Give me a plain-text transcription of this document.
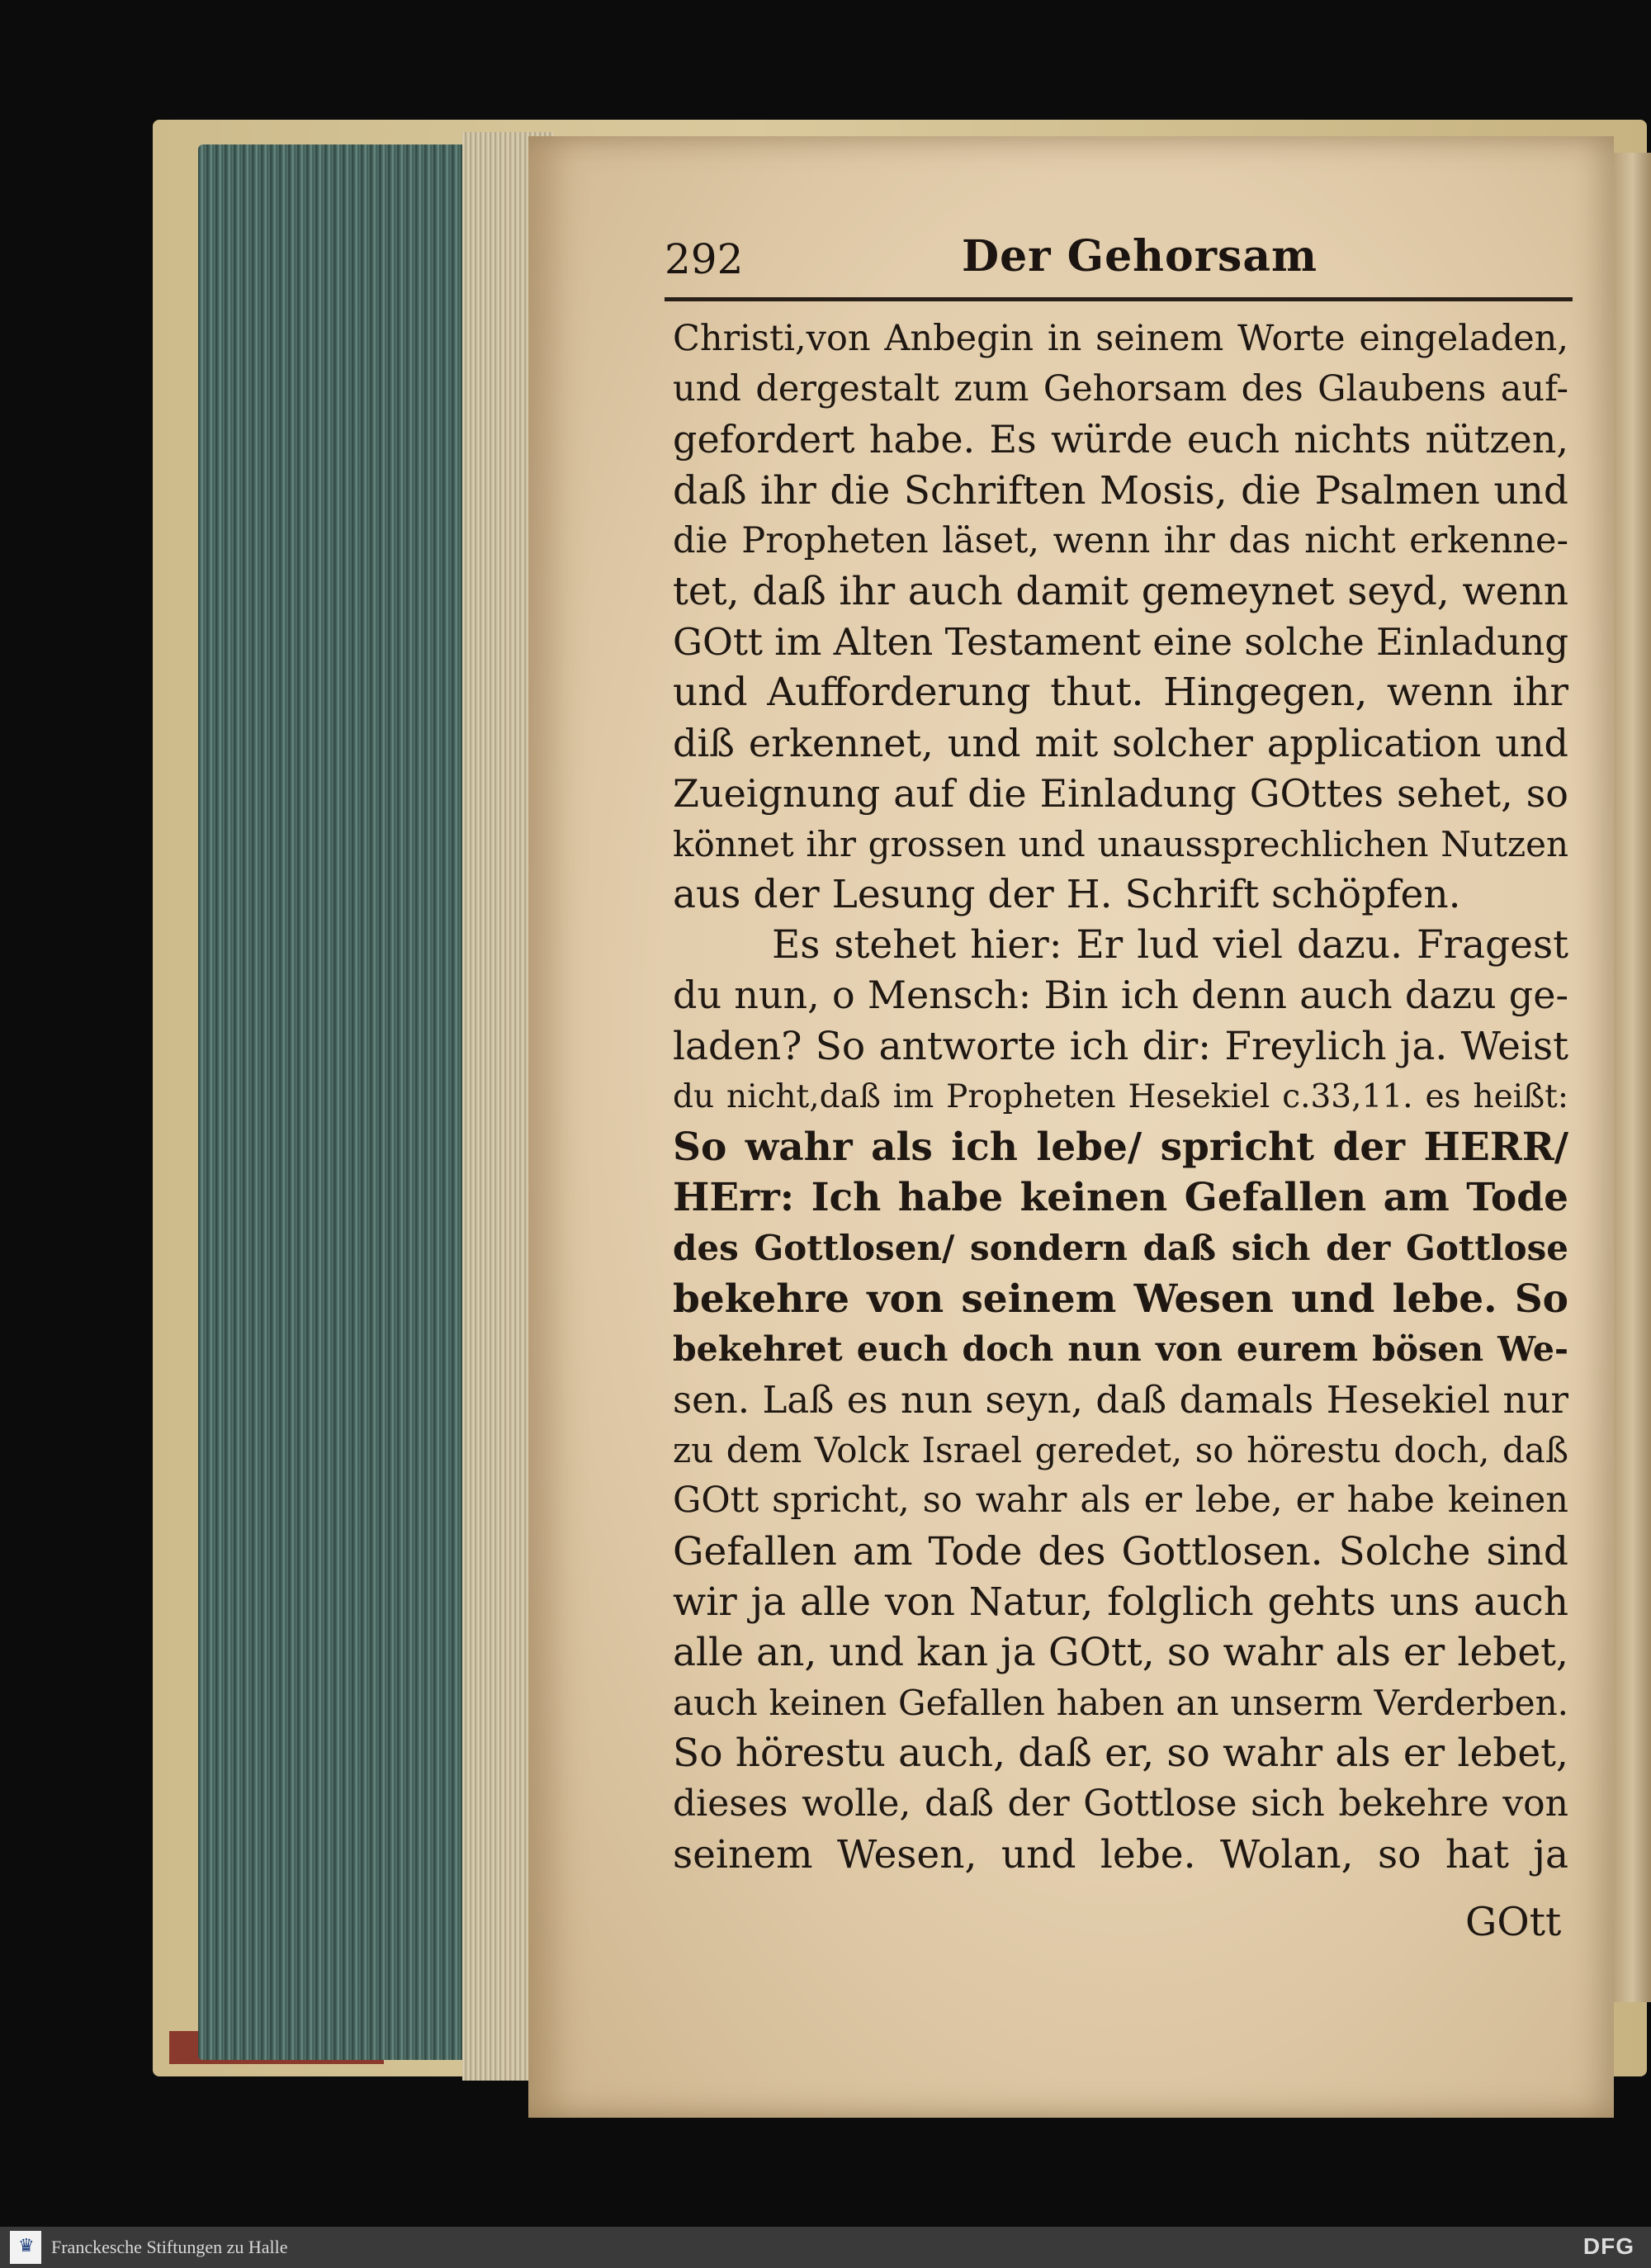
292	Der Gehorsam
Christi,von Anbegin in seinem Worte eingeladen,
und dergestalt zum Gehorsam des Glaubens auf-
gefordert habe. Es würde euch nichts nützen,
daß ihr die Schriften Mosis, die Psalmen und
die Propheten läset, wenn ihr das nicht erkenne-
tet, daß ihr auch damit gemeynet seyd, wenn
GOtt im Alten Testament eine solche Einladung
und Aufforderung thut. Hingegen, wenn ihr
diß erkennet, und mit solcher application und
Zueignung auf die Einladung GOttes sehet, so
könnet ihr grossen und unaussprechlichen Nutzen
aus der Lesung der H. Schrift schöpfen.
Es stehet hier: Er lud viel dazu. Fragest
du nun, o Mensch: Bin ich denn auch dazu ge-
laden? So antworte ich dir: Freylich ja. Weist
du nicht,daß im Propheten Hesekiel c.33,11. es heißt:
So wahr als ich lebe/ spricht der HERR/
HErr: Ich habe keinen Gefallen am Tode
des Gottlosen/ sondern daß sich der Gottlose
bekehre von seinem Wesen und lebe. So
bekehret euch doch nun von eurem bösen We-
sen. Laß es nun seyn, daß damals Hesekiel nur
zu dem Volck Israel geredet, so hörestu doch, daß
GOtt spricht, so wahr als er lebe, er habe keinen
Gefallen am Tode des Gottlosen. Solche sind
wir ja alle von Natur, folglich gehts uns auch
alle an, und kan ja GOtt, so wahr als er lebet,
auch keinen Gefallen haben an unserm Verderben.
So hörestu auch, daß er, so wahr als er lebet,
dieses wolle, daß der Gottlose sich bekehre von
seinem Wesen, und lebe. Wolan, so hat ja
GOtt
♛ Franckesche Stiftungen zu Halle	DFG
